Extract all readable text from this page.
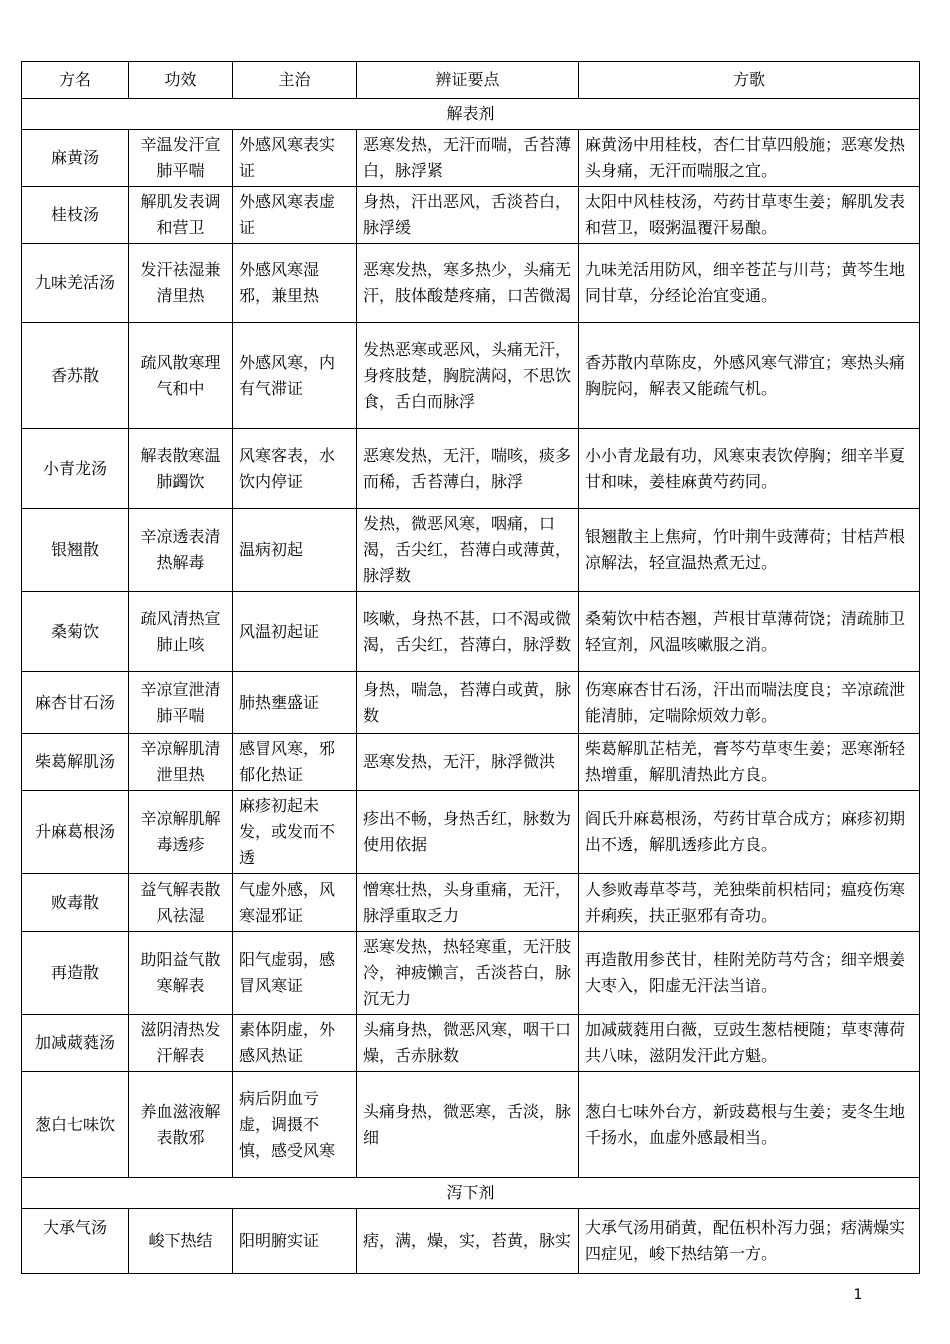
方名	功效	主治	辨证要点	方歌
解表剂				
麻黄汤	辛温发汗宣肺平喘	外感风寒表实证	恶寒发热，无汗而喘，舌苔薄白，脉浮紧	麻黄汤中用桂枝，杏仁甘草四般施；恶寒发热头身痛，无汗而喘服之宜。
桂枝汤	解肌发表调和营卫	外感风寒表虚证	身热，汗出恶风，舌淡苔白，脉浮缓	太阳中风桂枝汤，芍药甘草枣生姜；解肌发表和营卫，啜粥温覆汗易酿。
九味羌活汤	发汗祛湿兼清里热	外感风寒湿邪，兼里热	恶寒发热，寒多热少，头痛无汗，肢体酸楚疼痛，口苦微渴	九味羌活用防风，细辛苍芷与川芎；黄芩生地同甘草，分经论治宜变通。
香苏散	疏风散寒理气和中	外感风寒，内有气滞证	发热恶寒或恶风，头痛无汗，身疼肢楚，胸脘满闷，不思饮食，舌白而脉浮	香苏散内草陈皮，外感风寒气滞宜；寒热头痛胸脘闷，解表又能疏气机。
小青龙汤	解表散寒温肺蠲饮	风寒客表，水饮内停证	恶寒发热，无汗，喘咳，痰多而稀，舌苔薄白，脉浮	小小青龙最有功，风寒束表饮停胸；细辛半夏甘和味，姜桂麻黄芍药同。
银翘散	辛凉透表清热解毒	温病初起	发热，微恶风寒，咽痛，口渴，舌尖红，苔薄白或薄黄，脉浮数	银翘散主上焦疴，竹叶荆牛豉薄荷；甘桔芦根凉解法，轻宣温热煮无过。
桑菊饮	疏风清热宣肺止咳	风温初起证	咳嗽，身热不甚，口不渴或微渴，舌尖红，苔薄白，脉浮数	桑菊饮中桔杏翘，芦根甘草薄荷饶；清疏肺卫轻宣剂，风温咳嗽服之消。
麻杏甘石汤	辛凉宣泄清肺平喘	肺热壅盛证	身热，喘急，苔薄白或黄，脉数	伤寒麻杏甘石汤，汗出而喘法度良；辛凉疏泄能清肺，定喘除烦效力彰。
柴葛解肌汤	辛凉解肌清泄里热	感冒风寒，邪郁化热证	恶寒发热，无汗，脉浮微洪	柴葛解肌芷桔羌，膏芩芍草枣生姜；恶寒渐轻热增重，解肌清热此方良。
升麻葛根汤	辛凉解肌解毒透疹	麻疹初起未发，或发而不透	疹出不畅，身热舌红，脉数为使用依据	阎氏升麻葛根汤，芍药甘草合成方；麻疹初期出不透，解肌透疹此方良。
败毒散	益气解表散风祛湿	气虚外感，风寒湿邪证	憎寒壮热，头身重痛，无汗，脉浮重取乏力	人参败毒草苓芎，羌独柴前枳桔同；瘟疫伤寒并痢疾，扶正驱邪有奇功。
再造散	助阳益气散寒解表	阳气虚弱，感冒风寒证	恶寒发热，热轻寒重，无汗肢冷，神疲懒言，舌淡苔白，脉沉无力	再造散用参芪甘，桂附羌防芎芍含；细辛煨姜大枣入，阳虚无汗法当谙。
加减葳蕤汤	滋阴清热发汗解表	素体阴虚，外感风热证	头痛身热，微恶风寒，咽干口燥，舌赤脉数	加减葳蕤用白薇，豆豉生葱桔梗随；草枣薄荷共八味，滋阴发汗此方魁。
葱白七味饮	养血滋液解表散邪	病后阴血亏虚，调摄不慎，感受风寒	头痛身热，微恶寒，舌淡，脉细	葱白七味外台方，新豉葛根与生姜；麦冬生地千扬水，血虚外感最相当。
泻下剂				
大承气汤	峻下热结	阳明腑实证	痞，满，燥，实，苔黄，脉实	大承气汤用硝黄，配伍枳朴泻力强；痞满燥实四症见，峻下热结第一方。
1
